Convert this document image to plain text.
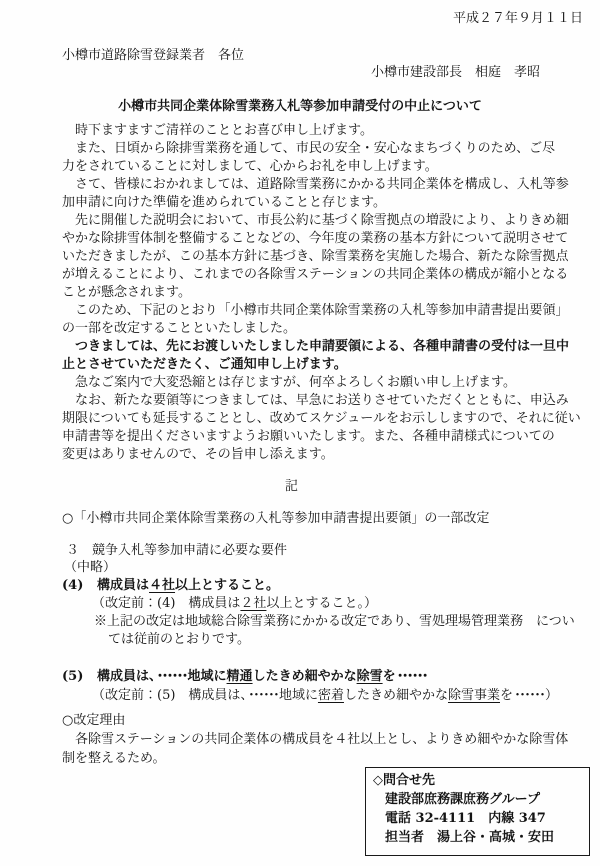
平成２７年９月１１日
小樽市道路除雪登録業者　各位
小樽市建設部長　相庭　孝昭
小樽市共同企業体除雪業務入札等参加申請受付の中止について
　時下ますますご清祥のこととお喜び申し上げます。
　また、日頃から除排雪業務を通して、市民の安全・安心なまちづくりのため、ご尽
力をされていることに対しまして、心からお礼を申し上げます。
　さて、皆様におかれましては、道路除雪業務にかかる共同企業体を構成し、入札等参
加申請に向けた準備を進められていることと存じます。
　先に開催した説明会において、市長公約に基づく除雪拠点の増設により、よりきめ細
やかな除排雪体制を整備することなどの、今年度の業務の基本方針について説明させて
いただきましたが、この基本方針に基づき、除雪業務を実施した場合、新たな除雪拠点
が増えることにより、これまでの各除雪ステーションの共同企業体の構成が縮小となる
ことが懸念されます。
　このため、下記のとおり「小樽市共同企業体除雪業務の入札等参加申請書提出要領」
の一部を改定することといたしました。
　つきましては、先にお渡しいたしました申請要領による、各種申請書の受付は一旦中
止とさせていただきたく、ご通知申し上げます。
　急なご案内で大変恐縮とは存じますが、何卒よろしくお願い申し上げます。
　なお、新たな要領等につきましては、早急にお送りさせていただくとともに、申込み
期限についても延長することとし、改めてスケジュールをお示ししますので、それに従い
申請書等を提出くださいますようお願いいたします。また、各種申請様式についての
変更はありませんので、その旨申し添えます。
記
○「小樽市共同企業体除雪業務の入札等参加申請書提出要領」の一部改定
３　競争入札等参加申請に必要な要件
（中略）
(4) 構成員は４社以上とすること。
（改定前：(4)　構成員は２社以上とすること。）
※上記の改定は地域総合除雪業務にかかる改定であり、雪処理場管理業務　につい
ては従前のとおりです。
(5) 構成員は、・・・・・・ 地域に精通したきめ細やかな除雪を・・・・・・
（改定前：(5)　構成員は、・・・・・・ 地域に密着したきめ細やかな除雪事業を・・・・・・ ）
○改定理由
　各除雪ステーションの共同企業体の構成員を４社以上とし、よりきめ細やかな除雪体
制を整えるため。
◇問合せ先
建設部庶務課庶務グループ
電話 32-4111　内線 347
担当者　湯上谷・高城・安田
